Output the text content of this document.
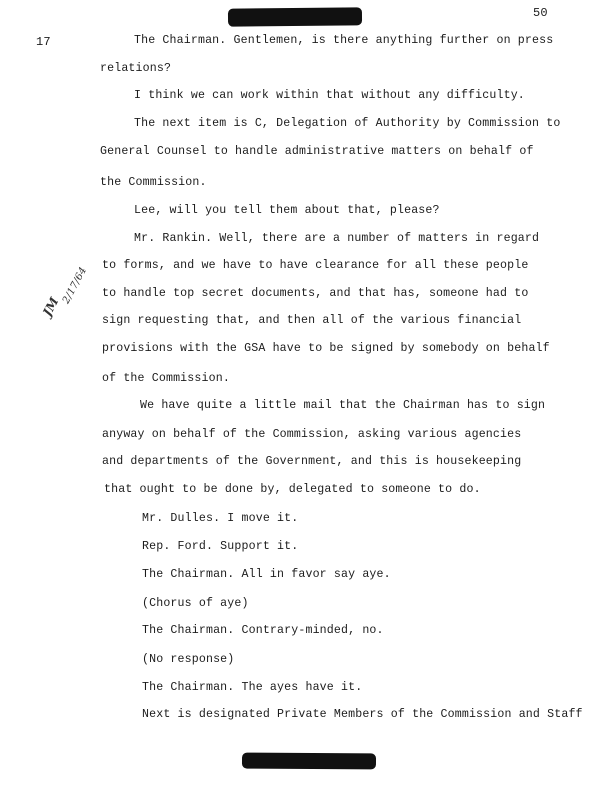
50
17
JM
2/17/64
The Chairman. Gentlemen, is there anything further on press
relations?
I think we can work within that without any difficulty.
The next item is C, Delegation of Authority by Commission to
General Counsel to handle administrative matters on behalf of
the Commission.
Lee, will you tell them about that, please?
Mr. Rankin. Well, there are a number of matters in regard
to forms, and we have to have clearance for all these people
to handle top secret documents, and that has, someone had to
sign requesting that, and then all of the various financial
provisions with the GSA have to be signed by somebody on behalf
of the Commission.
We have quite a little mail that the Chairman has to sign
anyway on behalf of the Commission, asking various agencies
and departments of the Government, and this is housekeeping
that ought to be done by, delegated to someone to do.
Mr. Dulles. I move it.
Rep. Ford. Support it.
The Chairman. All in favor say aye.
(Chorus of aye)
The Chairman. Contrary-minded, no.
(No response)
The Chairman. The ayes have it.
Next is designated Private Members of the Commission and Staff
